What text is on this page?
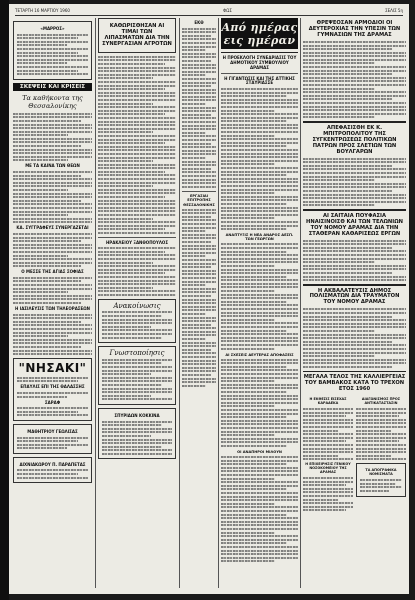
ΤΕΤΑΡΤΗ 16 ΜΑΡΤΙΟΥ 1960	ΦΩΣ	ΣΕΛΙΣ 5η
«ΜΑΡΡΟΣ»
ΣΚΕΨΕΙΣ ΚΑΙ ΚΡΙΣΕΙΣ
Τα καθήκοντα της Θεσσαλονίκης
ΜΕ ΤΑ ΚΑΙΝΑ ΤΩΝ ΘΕΩΝ
ΚΑ. ΣΥΓΓΡΑΦΕΥΣ ΣΥΝΕΡΓΑΖΕΤΑΙ
Ο ΜΕΣΣΕ ΤΗΣ ΑΓΙΑΣ ΣΟΦΙΑΣ
Η ΙΑΣΙΛΕΥΣΙΣ ΤΩΝ ΤΗΛΕΟΡΑΣΕΩΝ
"ΝΗΣΑΚΙ"
ΕΠΑΥΛΙΣ ΕΠΙ ΤΗΣ ΘΑΛΑΣΣΗΣ
ΣΑΡΑΦ
ΜΑΘΗΤΡΙΟΥ ΓΕΩΛΙΣΑΣ
ΔΙΧΝΙΑΚΩΡΟΥ Π. ΠΑΡΑΠΕΤΑΣ
ΚΑΘΩΡΙΣΘΗΣΑΝ ΑΙ ΤΙΜΑΙ ΤΩΝ ΛΙΠΑΣΜΑΤΩΝ ΔΙΑ ΤΗΝ ΣΥΝΕΡΓΑΣΙΑΝ ΑΓΡΟΤΩΝ
ΗΡΑΚΛΕΙΟΥ ΞΑΝΘΟΠΟΥΛΟΣ
Ανακοίνωσις
Γνωστοποίησις
ΣΠΥΡΙΔΩΝ ΚΟΚΚΙΝΑ
ΕΚΘ
ΕΡΓΑΣΙΑΙ ΕΠΙΤΡΟΠΗΣ ΘΕΣΣΑΛΟΝΙΚΗΣ
Από ημέρας εις ημέραν
Η ΠΡΟΕΚΛΟΓΗ ΣΥΝΕΔΡΙΑΣΙΣ ΤΟΥ ΔΗΜΟΤΙΚΟΥ ΣΥΜΒΟΥΛΙΟΥ ΔΡΑΜΑΣ
Η ΓΙΓΑΝΤΩΣΙΣ ΚΑΙ ΤΗΣ ΑΤΤΙΚΗΣ ΣΤΑΥΡΙΑΣΣΕ
ΑΝΑΠΤΥΞΙΣ Η ΝΕΑ ΑΝΔΡΟΣ ΔΕΣΠ. ΤΩΝ ΓΕΩΡΓΩΝ
ΑΙ ΣΧΕΣΕΙΣ ΔΕΥΤΕΡΑΣ ΑΠΟΦΑΣΕΙΣ
ΟΙ ΑΝΑΠΗΡΟΙ ΜΙΛΟΥΝ
ΘΡΕΨΕΟΣΑΝ ΑΡΜΟΔΙΟΙ ΟΙ ΔΕΥΤΕΡΟΧΙΑΣ ΤΗΝ ΥΠΕΣΙΝ ΤΩΝ ΓΥΜΝΑΣΙΩΝ ΤΗΣ ΔΡΑΜΑΣ
ΑΠΕΦΑΣΙΣΘΗ ΕΚ Κ. ΜΠΙΤΡΟΠΟΛΙΤΟΥ ΤΗΣ ΣΥΓΚΕΝΤΡΩΣΕΩΣ ΠΟΛΙΤΙΚΩΝ ΠΑΤΡΩΝ ΠΡΟΣ ΣΛΕΤΙΩΝ ΤΩΝ ΒΟΥΛΓΑΡΩΝ
ΑΙ ΣΑΙΤΑΙΑ ΠΟΥΦΑΣΙΑ ΗΝΑΙΣΙΝΟΙΣΘ ΚΑΙ ΤΩΝ ΤΕΛΩΝΙΩΝ ΤΟΥ ΝΟΜΟΥ ΔΡΑΜΑΣ ΔΙΑ ΤΗΝ ΣΤΑΘΕΡΑΝ ΚΑΘΑΡΙΣΕΩΣ ΕΡΓΩΝ
Η ΑΚΒΑΛΑΤΕΥΣΙΣ ΔΗΜΟΣ ΠΟΛΙΣΜΑΤΩΝ ΔΙΑ ΤΡΑΥΜΑΤΟΝ ΤΟΥ ΝΟΜΟΥ ΔΡΑΜΑΣ
ΜΕΓΑΛΑ ΤΕΛΟΣ ΤΗΣ ΚΑΛΛΙΕΡΓΕΙΑΣ ΤΟΥ ΒΑΜΒΑΚΟΣ ΚΑΤΑ ΤΟ ΤΡΕΧΟΝ ΕΤΟΣ 1960
Η ΕΚΘΕΣΙΣ ΕΙΣΕΧΑΣ ΚΑΡΑΔΕΚΑ
Η ΕΠΙΧΕΙΡΗΣΙΣ ΓΕΝΙΚΟΥ ΝΟΣΟΚΟΜΕΙΟΥ ΤΗΣ ΔΡΑΜΑΣ
ΔΙΑΓΩΝΙΣΜΟΣ ΠΡΟΣ ΑΝΤΙΚΑΤΑΣΤΑΣΙΝ
ΤΑ ΑΠΟΓΡΑΦΙΚΑ ΝΟΜΙΣΜΑΤΑ
